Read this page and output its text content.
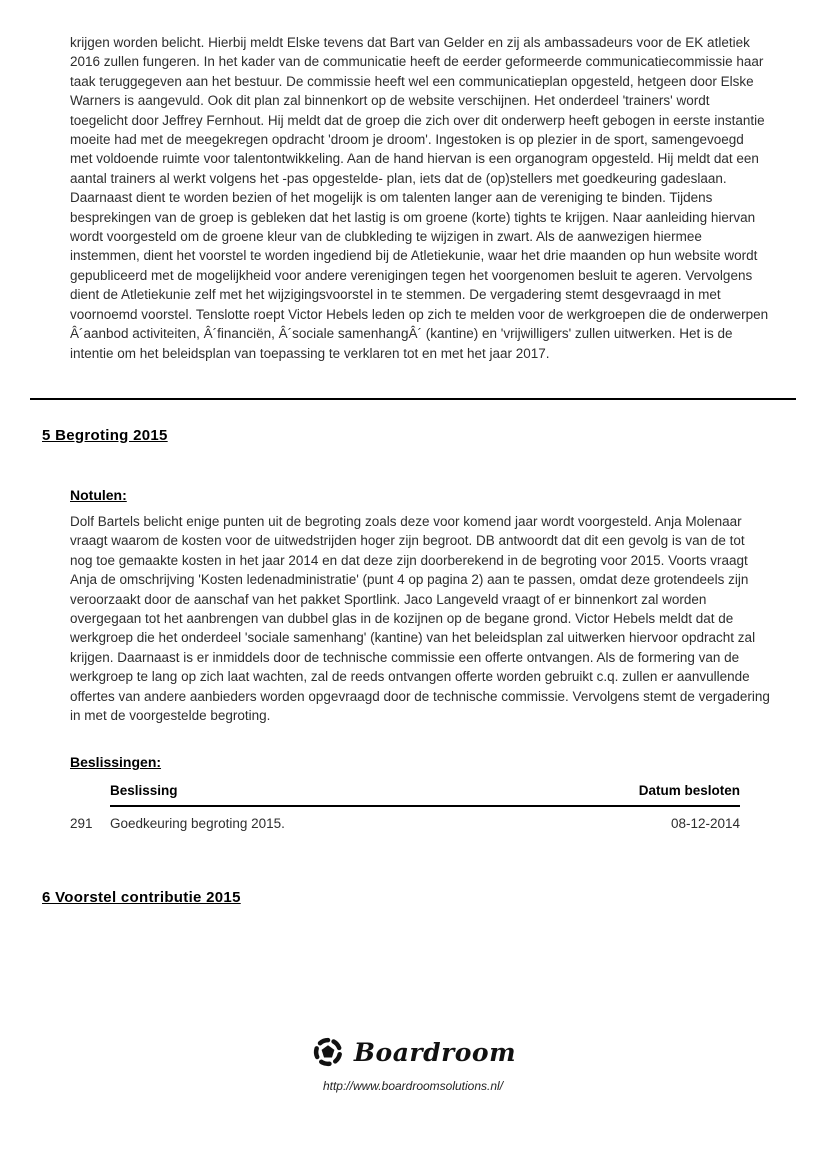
krijgen worden belicht. Hierbij meldt Elske tevens dat Bart van Gelder en zij als ambassadeurs voor de EK atletiek 2016 zullen fungeren. In het kader van de communicatie heeft de eerder geformeerde communicatiecommissie haar taak teruggegeven aan het bestuur. De commissie heeft wel een communicatieplan opgesteld, hetgeen door Elske Warners is aangevuld. Ook dit plan zal binnenkort op de website verschijnen. Het onderdeel 'trainers' wordt toegelicht door Jeffrey Fernhout. Hij meldt dat de groep die zich over dit onderwerp heeft gebogen in eerste instantie moeite had met de meegekregen opdracht 'droom je droom'. Ingestoken is op plezier in de sport, samengevoegd met voldoende ruimte voor talentontwikkeling. Aan de hand hiervan is een organogram opgesteld. Hij meldt dat een aantal trainers al werkt volgens het -pas opgestelde- plan, iets dat de (op)stellers met goedkeuring gadeslaan. Daarnaast dient te worden bezien of het mogelijk is om talenten langer aan de vereniging te binden. Tijdens besprekingen van de groep is gebleken dat het lastig is om groene (korte) tights te krijgen. Naar aanleiding hiervan wordt voorgesteld om de groene kleur van de clubkleding te wijzigen in zwart. Als de aanwezigen hiermee instemmen, dient het voorstel te worden ingediend bij de Atletiekunie, waar het drie maanden op hun website wordt gepubliceerd met de mogelijkheid voor andere verenigingen tegen het voorgenomen besluit te ageren. Vervolgens dient de Atletiekunie zelf met het wijzigingsvoorstel in te stemmen. De vergadering stemt desgevraagd in met voornoemd voorstel. Tenslotte roept Victor Hebels leden op zich te melden voor de werkgroepen die de onderwerpen Â´aanbod activiteiten, Â´financiën, Â´sociale samenhangÂ´ (kantine) en 'vrijwilligers' zullen uitwerken. Het is de intentie om het beleidsplan van toepassing te verklaren tot en met het jaar 2017.

5 Begroting 2015
Notulen:

Dolf Bartels belicht enige punten uit de begroting zoals deze voor komend jaar wordt voorgesteld. Anja Molenaar vraagt waarom de kosten voor de uitwedstrijden hoger zijn begroot. DB antwoordt dat dit een gevolg is van de tot nog toe gemaakte kosten in het jaar 2014 en dat deze zijn doorberekend in de begroting voor 2015. Voorts vraagt Anja de omschrijving 'Kosten ledenadministratie' (punt 4 op pagina 2) aan te passen, omdat deze grotendeels zijn veroorzaakt door de aanschaf van het pakket Sportlink. Jaco Langeveld vraagt of er binnenkort zal worden overgegaan tot het aanbrengen van dubbel glas in de kozijnen op de begane grond. Victor Hebels meldt dat de werkgroep die het onderdeel 'sociale samenhang' (kantine) van het beleidsplan zal uitwerken hiervoor opdracht zal krijgen. Daarnaast is er inmiddels door de technische commissie een offerte ontvangen. Als de formering van de werkgroep te lang op zich laat wachten, zal de reeds ontvangen offerte worden gebruikt c.q. zullen er aanvullende offertes van andere aanbieders worden opgevraagd door de technische commissie. Vervolgens stemt de vergadering in met de voorgestelde begroting.

Beslissingen:
Beslissing	Datum besloten
291	Goedkeuring begroting 2015.	08-12-2014
6 Voorstel contributie 2015
Boardroom
http://www.boardroomsolutions.nl/
